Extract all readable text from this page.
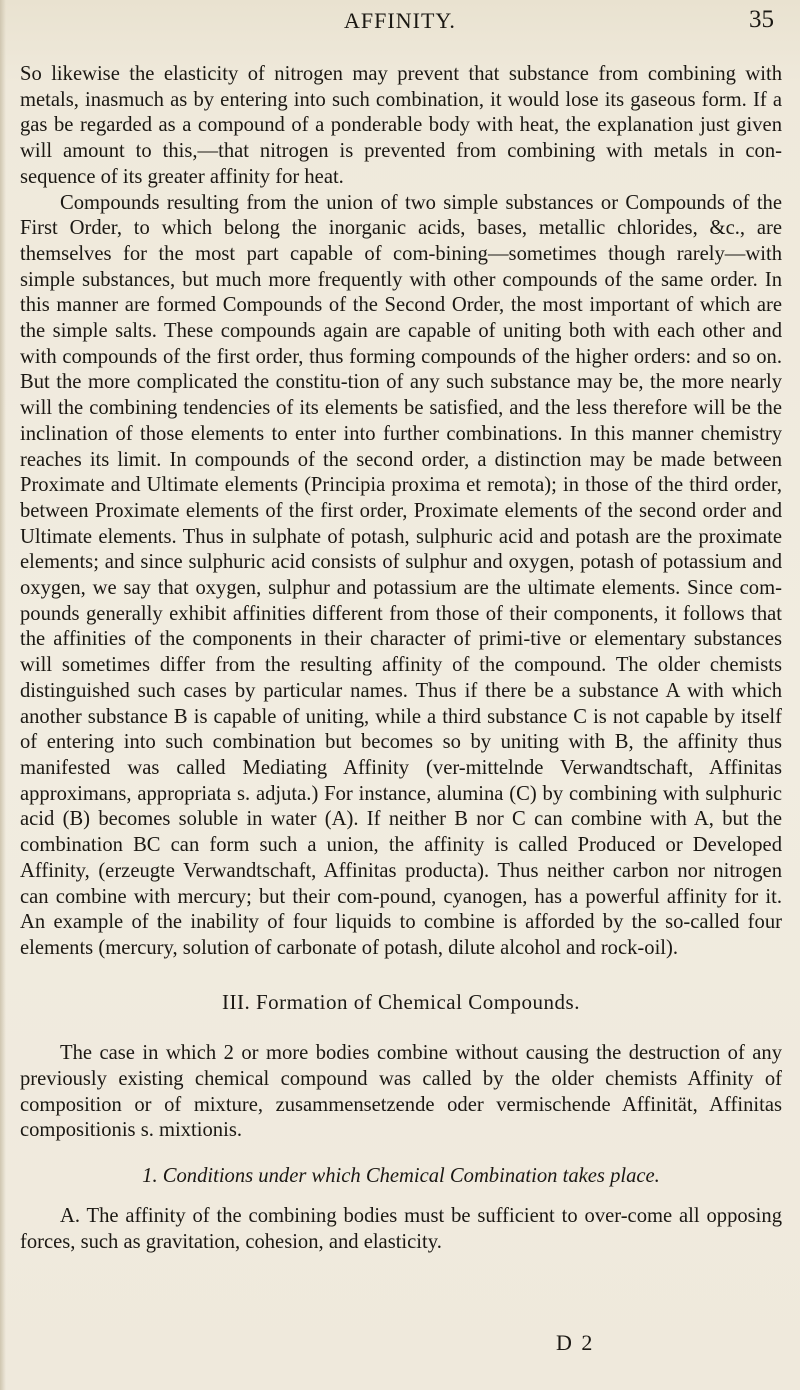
AFFINITY.	35

So likewise the elasticity of nitrogen may prevent that substance from combining with metals, inasmuch as by entering into such combination, it would lose its gaseous form. If a gas be regarded as a compound of a ponderable body with heat, the explanation just given will amount to this,—that nitrogen is prevented from combining with metals in con-sequence of its greater affinity for heat.

Compounds resulting from the union of two simple substances or Compounds of the First Order, to which belong the inorganic acids, bases, metallic chlorides, &c., are themselves for the most part capable of com-bining—sometimes though rarely—with simple substances, but much more frequently with other compounds of the same order. In this manner are formed Compounds of the Second Order, the most important of which are the simple salts. These compounds again are capable of uniting both with each other and with compounds of the first order, thus forming compounds of the higher orders: and so on. But the more complicated the constitu-tion of any such substance may be, the more nearly will the combining tendencies of its elements be satisfied, and the less therefore will be the inclination of those elements to enter into further combinations. In this manner chemistry reaches its limit. In compounds of the second order, a distinction may be made between Proximate and Ultimate elements (Principia proxima et remota); in those of the third order, between Proximate elements of the first order, Proximate elements of the second order and Ultimate elements. Thus in sulphate of potash, sulphuric acid and potash are the proximate elements; and since sulphuric acid consists of sulphur and oxygen, potash of potassium and oxygen, we say that oxygen, sulphur and potassium are the ultimate elements. Since com-pounds generally exhibit affinities different from those of their components, it follows that the affinities of the components in their character of primi-tive or elementary substances will sometimes differ from the resulting affinity of the compound. The older chemists distinguished such cases by particular names. Thus if there be a substance A with which another substance B is capable of uniting, while a third substance C is not capable by itself of entering into such combination but becomes so by uniting with B, the affinity thus manifested was called Mediating Affinity (ver-mittelnde Verwandtschaft, Affinitas approximans, appropriata s. adjuta.) For instance, alumina (C) by combining with sulphuric acid (B) becomes soluble in water (A). If neither B nor C can combine with A, but the combination BC can form such a union, the affinity is called Produced or Developed Affinity, (erzeugte Verwandtschaft, Affinitas producta). Thus neither carbon nor nitrogen can combine with mercury; but their com-pound, cyanogen, has a powerful affinity for it. An example of the inability of four liquids to combine is afforded by the so-called four elements (mercury, solution of carbonate of potash, dilute alcohol and rock-oil).

III. Formation of Chemical Compounds.

The case in which 2 or more bodies combine without causing the destruction of any previously existing chemical compound was called by the older chemists Affinity of composition or of mixture, zusammensetzende oder vermischende Affinität, Affinitas compositionis s. mixtionis.

1. Conditions under which Chemical Combination takes place.

A. The affinity of the combining bodies must be sufficient to over-come all opposing forces, such as gravitation, cohesion, and elasticity.

D 2
